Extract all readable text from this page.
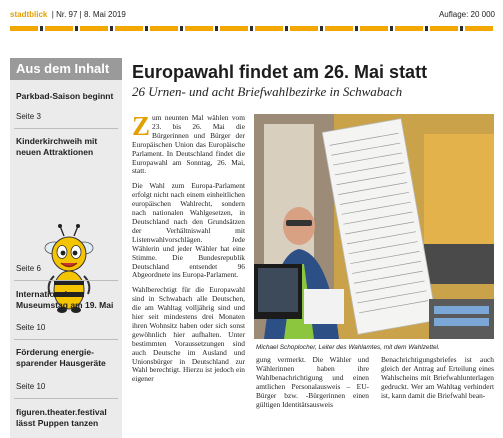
stadtblick  | Nr. 97 | 8. Mai 2019	Auflage: 20 000
Aus dem Inhalt
Parkbad-Saison beginnt
Seite 3
Kinderkirchweih mit neuen Attraktionen
Seite 6
Internationaler Museumstag am 19. Mai
Seite 10
Förderung energie-sparender Hausgeräte
Seite 10
figuren.theater.festival lässt Puppen tanzen
Europawahl findet am 26. Mai statt
26 Urnen- und acht Briefwahlbezirke in Schwabach

Zum neunten Mal wählen vom 23. bis 26. Mai die Bürgerinnen und Bürger der Europäischen Union das Europäische Parlament. In Deutschland findet die Europawahl am Sonntag, 26. Mai, statt.

Die Wahl zum Europa-Parlament erfolgt nicht nach einem einheitlichen europäischen Wahlrecht, sondern nach nationalen Wahlgesetzen, in Deutschland nach den Grundsätzen der Verhältniswahl mit Listenwahlvorschlägen. Jede Wählerin und jeder Wähler hat eine Stimme. Die Bundesrepublik Deutschland entsendet 96 Abgeordnete ins Europa-Parlament.

Wahlberechtigt für die Europawahl sind in Schwabach alle Deutschen, die am Wahltag volljährig sind und hier seit mindestens drei Monaten ihren Wohnsitz haben oder sich sonst gewöhnlich hier aufhalten. Unter bestimmten Voraussetzungen sind auch Deutsche im Ausland und Unionsbürger in Deutschland zur Wahl berechtigt. Hierzu ist jedoch ein eigener

Michael Schoplocher, Leiter des Wahlamtes, mit dem Wahlzettel.

gung vermerkt. Die Wähler und Wählerinnen haben ihre Wahlbenachrichtigung und einen amtlichen Personalausweis – EU-Bürger bzw. -Bürgerinnen einen gültigen Identitätsausweis

Benachrichtigungsbriefes ist auch gleich der Antrag auf Erteilung eines Wahlscheins mit Briefwahlunterlagen gedruckt. Wer am Wahltag verhindert ist, kann damit die Briefwahl bean-
